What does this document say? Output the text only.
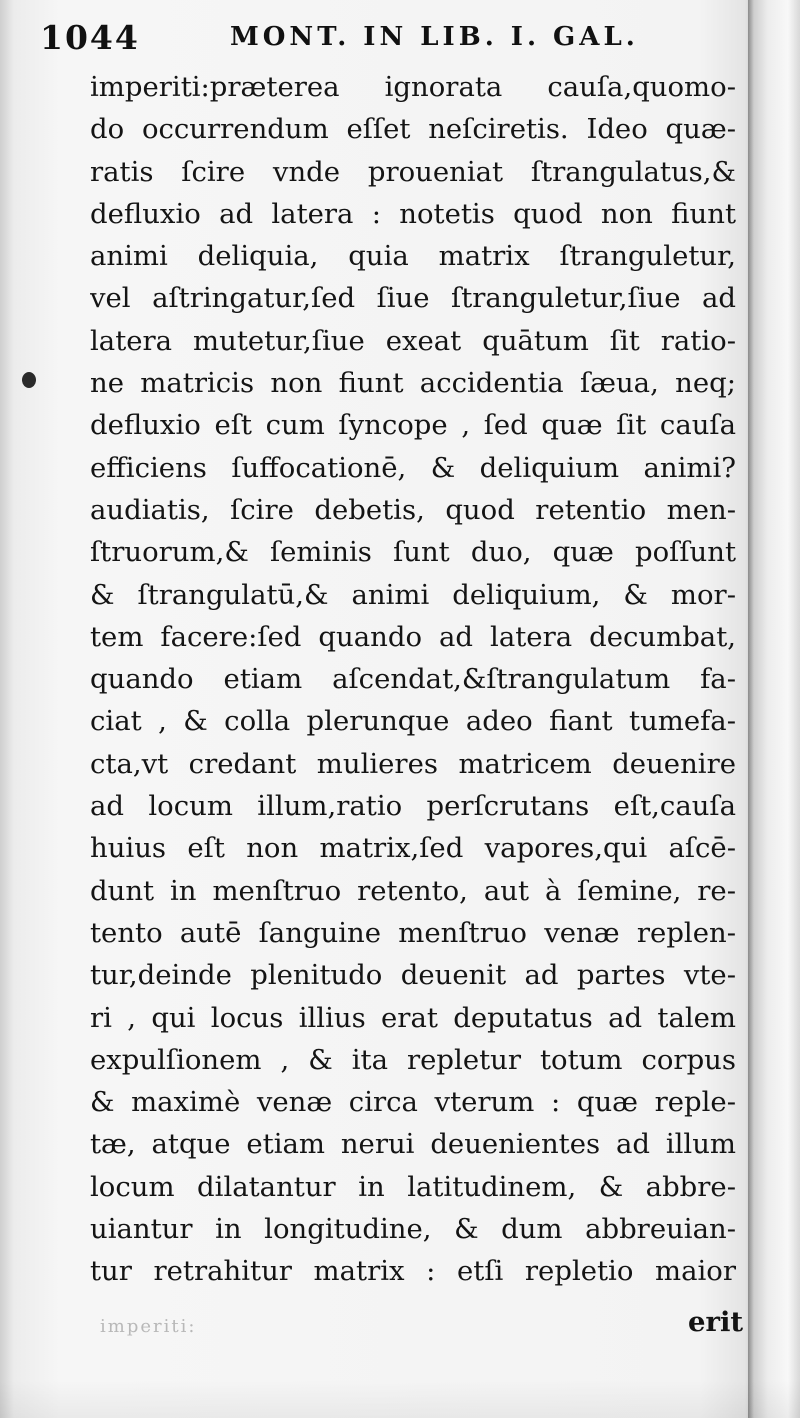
1044	MONT. IN LIB. I. GAL.
imperiti:præterea ignorata cauſa,quomo-
do occurrendum eſſet neſciretis. Ideo quæ-
ratis ſcire vnde proueniat ſtrangulatus,&
defluxio ad latera : notetis quod non fiunt
animi deliquia, quia matrix ſtranguletur,
vel aſtringatur,ſed ſiue ſtranguletur,ſiue ad
latera mutetur,ſiue exeat quātum ſit ratio-
ne matricis non fiunt accidentia ſæua, neq;
defluxio eſt cum ſyncope , ſed quæ ſit cauſa
efficiens ſuffocationē, & deliquium animi?
audiatis, ſcire debetis, quod retentio men-
ſtruorum,& ſeminis ſunt duo, quæ poſſunt
& ſtrangulatū,& animi deliquium, & mor-
tem facere:ſed quando ad latera decumbat,
quando etiam aſcendat,&ſtrangulatum fa-
ciat , & colla plerunque adeo fiant tumefa-
cta,vt credant mulieres matricem deuenire
ad locum illum,ratio perſcrutans eſt,cauſa
huius eſt non matrix,ſed vapores,qui aſcē-
dunt in menſtruo retento, aut à ſemine, re-
tento autē ſanguine menſtruo venæ replen-
tur,deinde plenitudo deuenit ad partes vte-
ri , qui locus illius erat deputatus ad talem
expulſionem , & ita repletur totum corpus
& maximè venæ circa vterum : quæ reple-
tæ, atque etiam nerui deuenientes ad illum
locum dilatantur in latitudinem, & abbre-
uiantur in longitudine, & dum abbreuian-
tur retrahitur matrix : etſi repletio maior
imperiti:	erit
